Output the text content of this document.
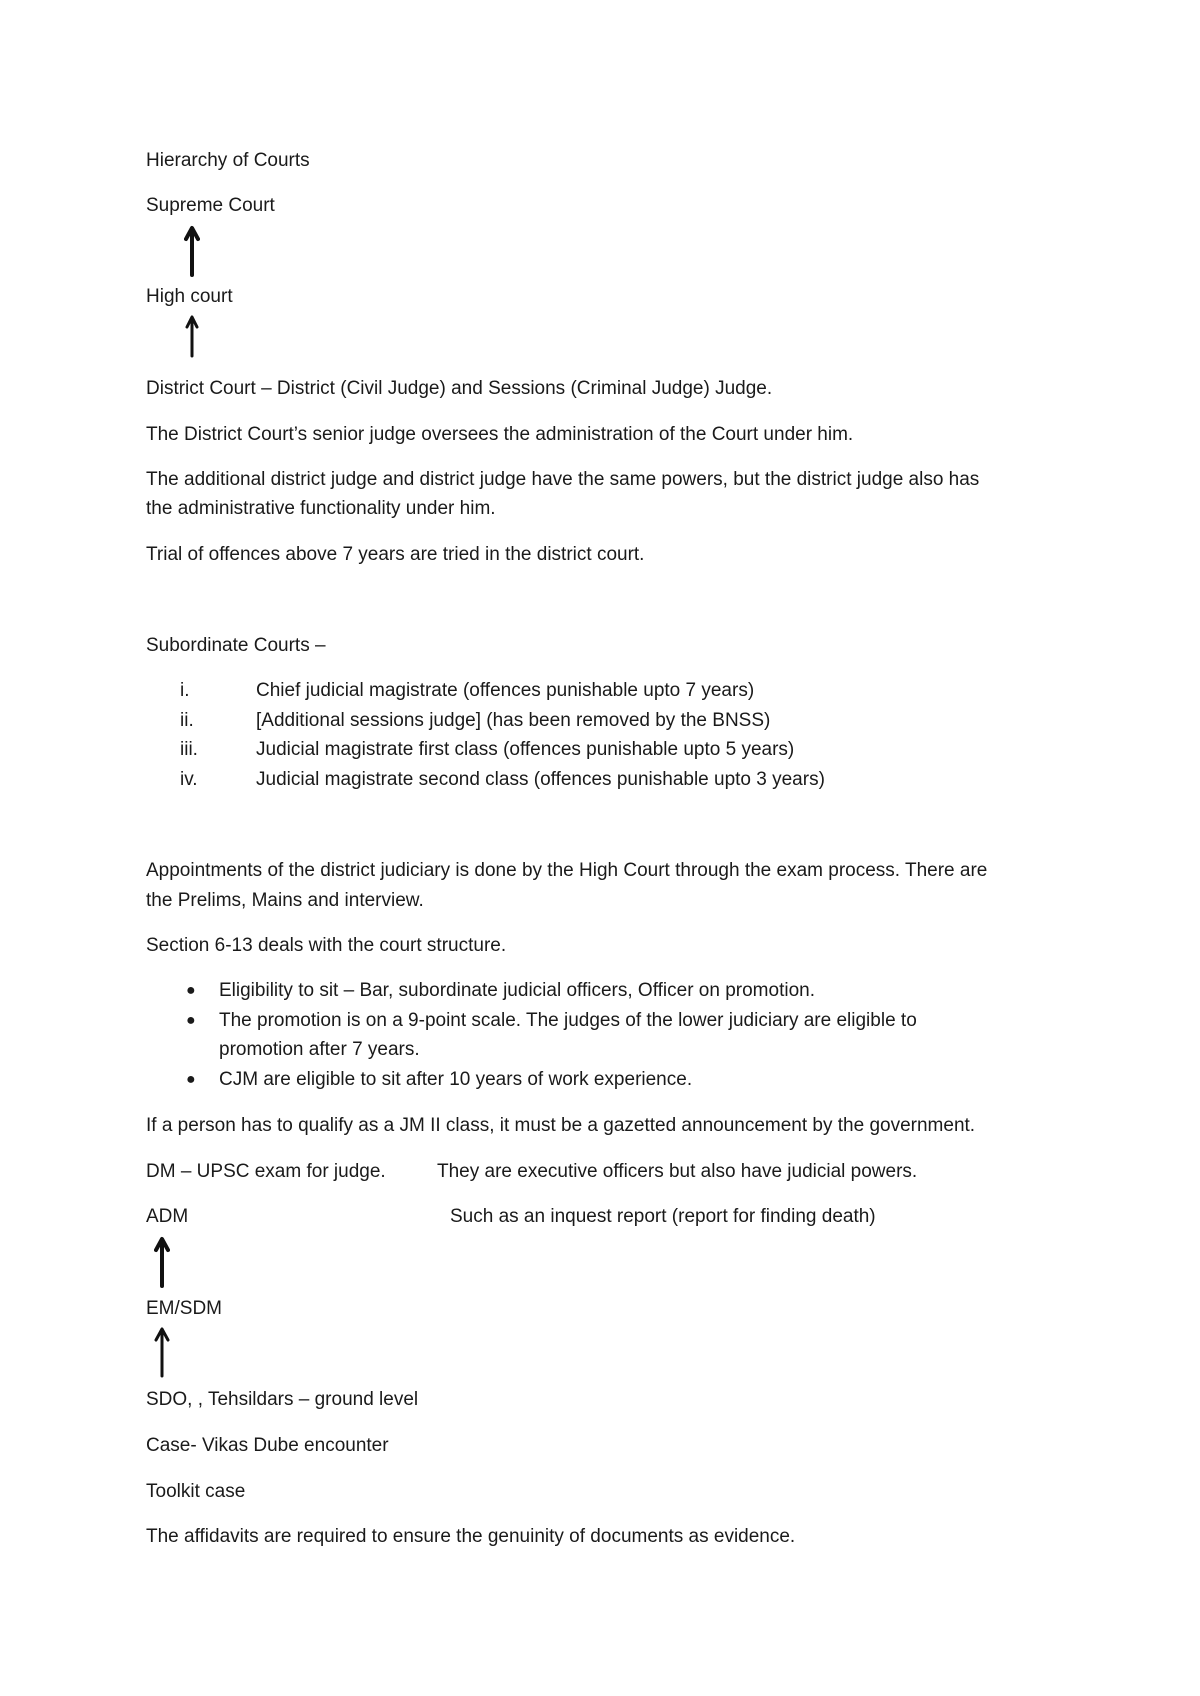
Hierarchy of Courts
Supreme Court
High court
District Court – District (Civil Judge) and Sessions (Criminal Judge) Judge.
The District Court’s senior judge oversees the administration of the Court under him.
The additional district judge and district judge have the same powers, but the district judge also has
the administrative functionality under him.
Trial of offences above 7 years are tried in the district court.
Subordinate Courts –
i.	Chief judicial magistrate (offences punishable upto 7 years)
ii.	[Additional sessions judge] (has been removed by the BNSS)
iii.	Judicial magistrate first class (offences punishable upto 5 years)
iv.	Judicial magistrate second class (offences punishable upto 3 years)
Appointments of the district judiciary is done by the High Court through the exam process. There are
the Prelims, Mains and interview.
Section 6-13 deals with the court structure.
● Eligibility to sit – Bar, subordinate judicial officers, Officer on promotion.
● The promotion is on a 9-point scale. The judges of the lower judiciary are eligible to
promotion after 7 years.
● CJM are eligible to sit after 10 years of work experience.
If a person has to qualify as a JM II class, it must be a gazetted announcement by the government.
DM – UPSC exam for judge.	They are executive officers but also have judicial powers.
ADM	Such as an inquest report (report for finding death)
EM/SDM
SDO, , Tehsildars – ground level
Case- Vikas Dube encounter
Toolkit case
The affidavits are required to ensure the genuinity of documents as evidence.
